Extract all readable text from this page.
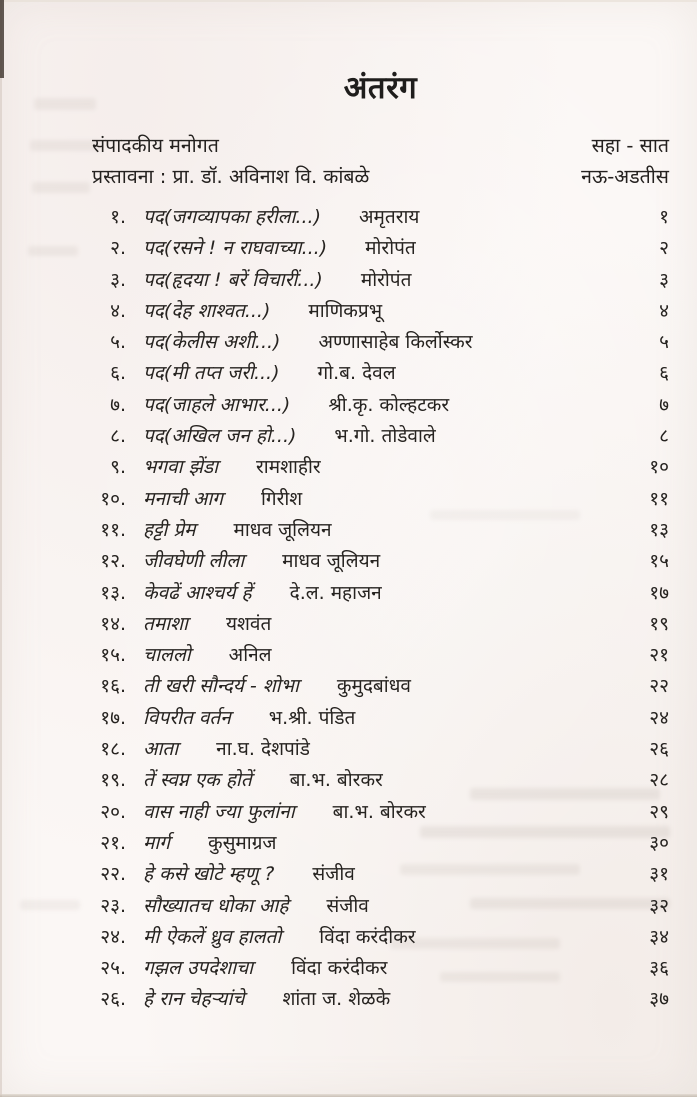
अंतरंग
संपादकीय मनोगत	सहा - सात
प्रस्तावना : प्रा. डॉ. अविनाश वि. कांबळे	नऊ-अडतीस
१. पद(जगव्यापका हरीला...) अमृतराय	१
२. पद(रसने ! न राघवाच्या...) मोरोपंत	२
३. पद(हृदया ! बरें विचारीं...) मोरोपंत	३
४. पद(देह शाश्वत...) माणिकप्रभू	४
५. पद(केलीस अशी...) अण्णासाहेब किर्लोस्कर	५
६. पद(मी तप्त जरी...) गो.ब. देवल	६
७. पद(जाहले आभार...) श्री.कृ. कोल्हटकर	७
८. पद(अखिल जन हो...) भ.गो. तोडेवाले	८
९. भगवा झेंडा रामशाहीर	१०
१०. मनाची आग गिरीश	११
११. हट्टी प्रेम माधव जूलियन	१३
१२. जीवघेणी लीला माधव जूलियन	१५
१३. केवढें आश्चर्य हें दे.ल. महाजन	१७
१४. तमाशा यशवंत	१९
१५. चाललो अनिल	२१
१६. ती खरी सौन्दर्य - शोभा कुमुदबांधव	२२
१७. विपरीत वर्तन भ.श्री. पंडित	२४
१८. आता ना.घ. देशपांडे	२६
१९. तें स्वप्न एक होतें बा.भ. बोरकर	२८
२०. वास नाही ज्या फुलांना बा.भ. बोरकर	२९
२१. मार्ग कुसुमाग्रज	३०
२२. हे कसे खोटे म्हणू ? संजीव	३१
२३. सौख्यातच धोका आहे संजीव	३२
२४. मी ऐकलें ध्रुव हालतो विंदा करंदीकर	३४
२५. गझल उपदेशाचा विंदा करंदीकर	३६
२६. हे रान चेहऱ्यांचे शांता ज. शेळके	३७
